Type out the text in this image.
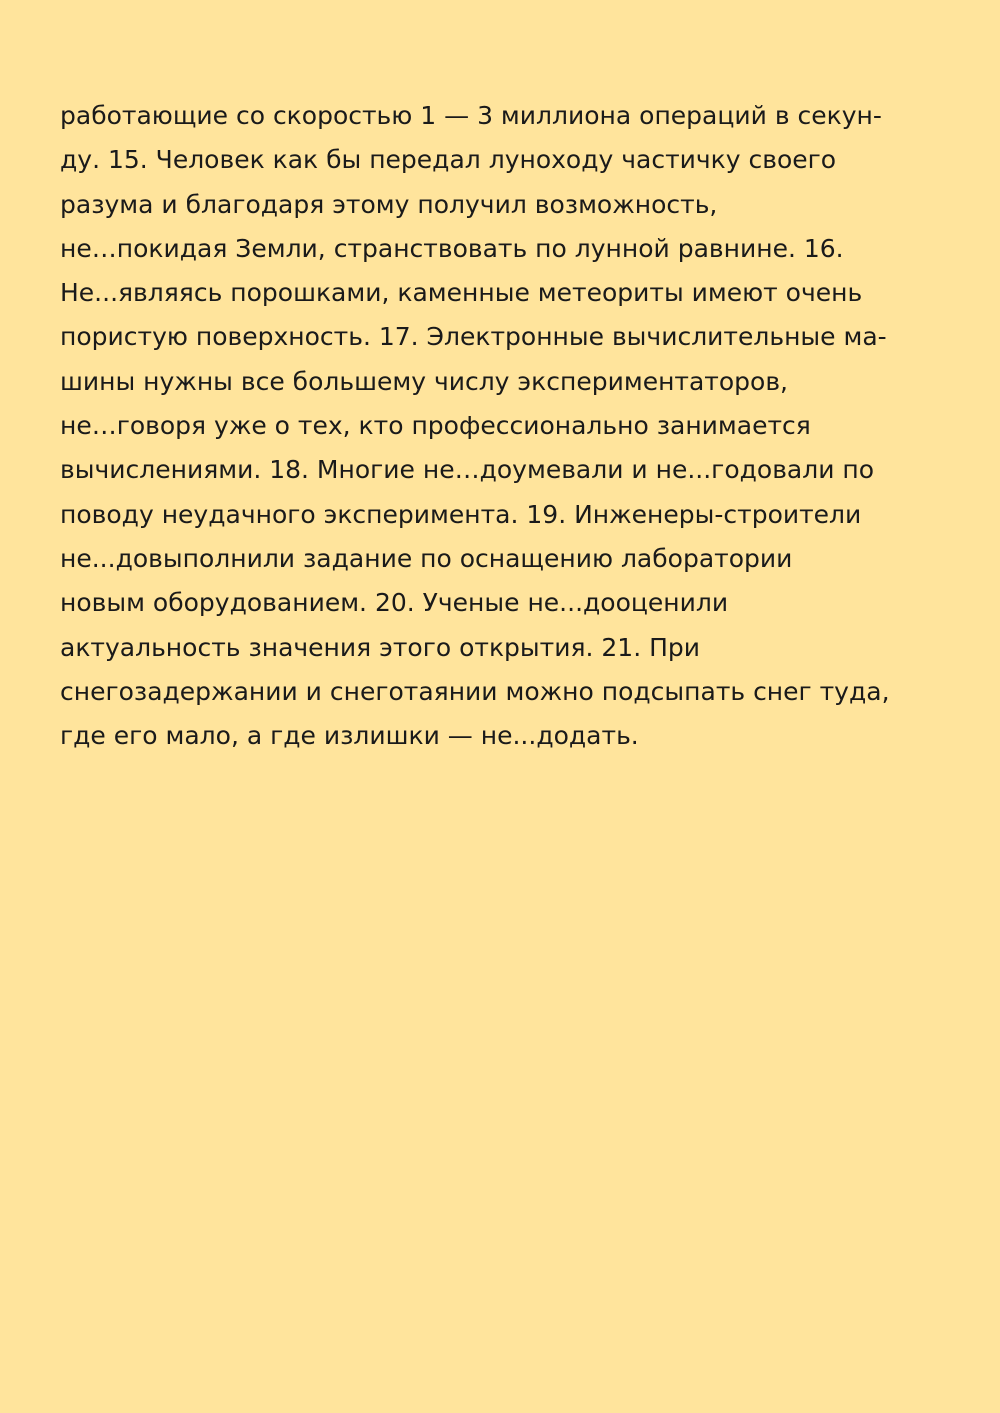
работающие со скоростью 1 — 3 миллиона операций в секун-
ду. 15. Человек как бы передал луноходу частичку своего
разума и благодаря этому получил возможность,
не…покидая Земли, странствовать по лунной равнине. 16.
Не...являясь порошками, каменные метеориты имеют очень
пористую поверхность. 17. Электронные вычислительные ма-
шины нужны все большему числу экспериментаторов,
не…говоря уже о тех, кто профессионально занимается
вычислениями. 18. Многие не…доумевали и не...годовали по
поводу неудачного эксперимента. 19. Инженеры-строители
не...довыполнили задание по оснащению лаборатории
новым оборудованием. 20. Ученые не...дооценили
актуальность значения этого открытия. 21. При
снегозадержании и снеготаянии можно подсыпать снег туда,
где его мало, а где излишки — не...додать.
